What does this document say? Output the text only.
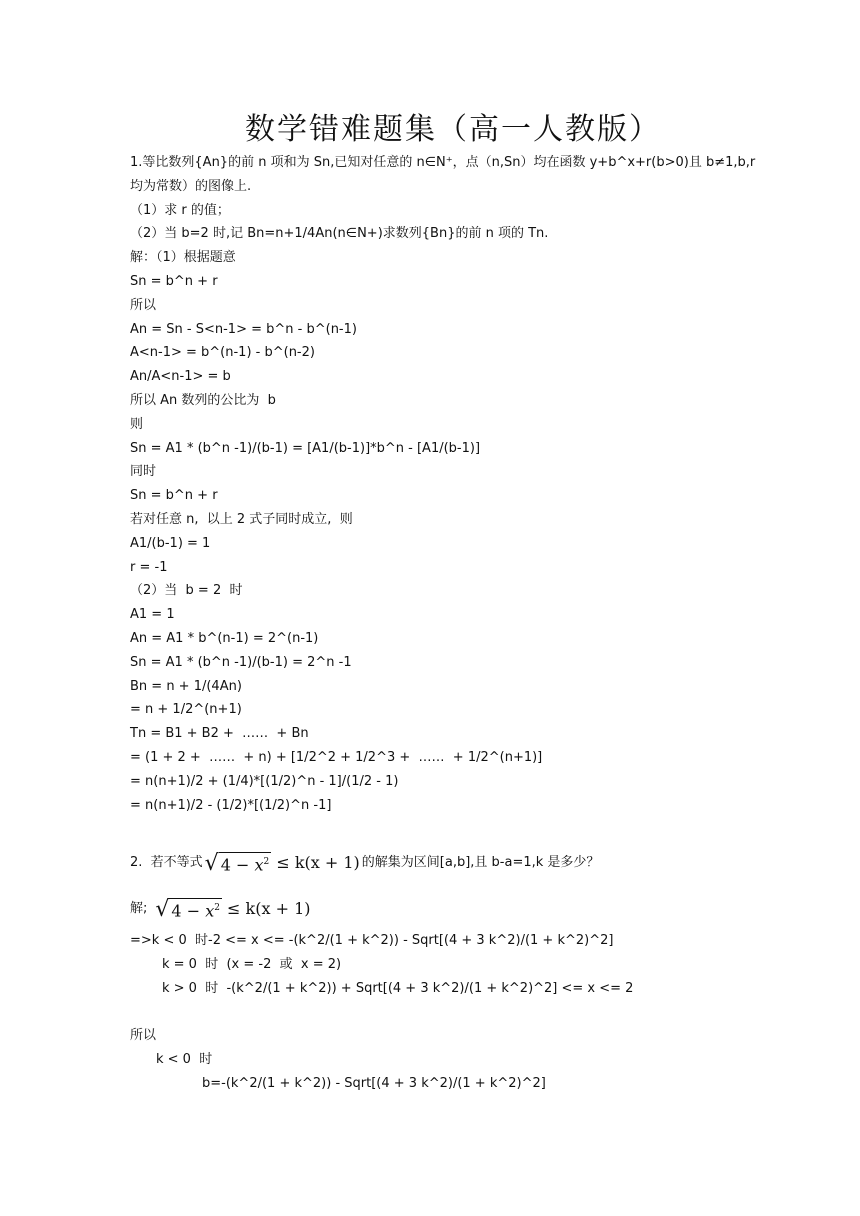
数学错难题集（高一人教版）
1.等比数列{An}的前 n 项和为 Sn,已知对任意的 n∈N⁺，点（n,Sn）均在函数 y+b^x+r(b>0)且 b≠1,b,r
均为常数）的图像上.
（1）求 r 的值；
（2）当 b=2 时,记 Bn=n+1/4An(n∈N+)求数列{Bn}的前 n 项的 Tn.
解：（1）根据题意
Sn = b^n + r
所以
An = Sn - S<n-1> = b^n - b^(n-1)
A<n-1> = b^(n-1) - b^(n-2)
An/A<n-1> = b
所以 An 数列的公比为  b
则
Sn = A1 * (b^n -1)/(b-1) = [A1/(b-1)]*b^n - [A1/(b-1)]
同时
Sn = b^n + r
若对任意 n,  以上 2 式子同时成立,  则
A1/(b-1) = 1
r = -1
（2）当  b = 2  时
A1 = 1
An = A1 * b^(n-1) = 2^(n-1)
Sn = A1 * (b^n -1)/(b-1) = 2^n -1
Bn = n + 1/(4An)
= n + 1/2^(n+1)
Tn = B1 + B2 +  ……  + Bn
= (1 + 2 +  ……  + n) + [1/2^2 + 1/2^3 +  ……  + 1/2^(n+1)]
= n(n+1)/2 + (1/4)*[(1/2)^n - 1]/(1/2 - 1)
= n(n+1)/2 - (1/2)*[(1/2)^n -1]
2.  若不等式 √ $4 - x^2 \le k(x + 1)$ 的解集为区间[a,b],且 b-a=1,k 是多少？
解; √ $4 - x^2 \le k(x + 1)$
=>k < 0  时-2 <= x <= -(k^2/(1 + k^2)) - Sqrt[(4 + 3 k^2)/(1 + k^2)^2]
k = 0  时  (x = -2  或  x = 2)
k > 0  时  -(k^2/(1 + k^2)) + Sqrt[(4 + 3 k^2)/(1 + k^2)^2] <= x <= 2
所以
k < 0  时
b=-(k^2/(1 + k^2)) - Sqrt[(4 + 3 k^2)/(1 + k^2)^2]
